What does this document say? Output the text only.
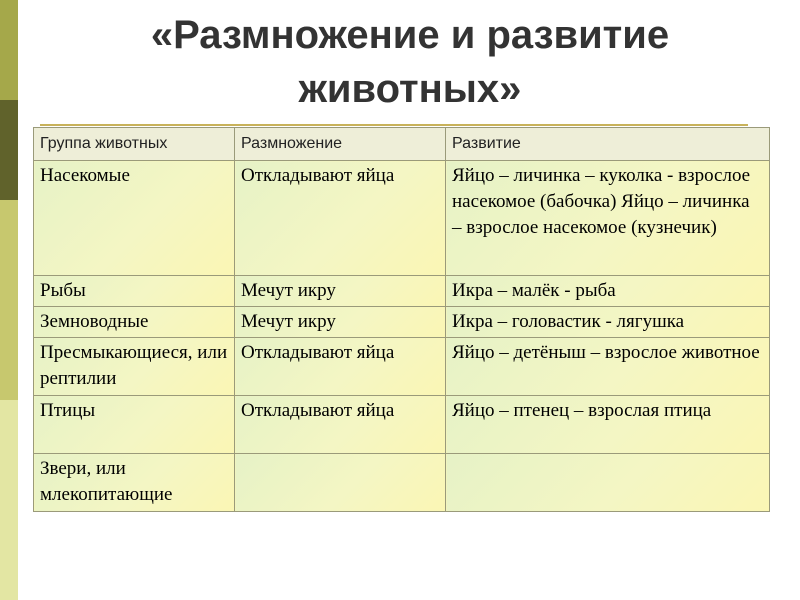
«Размножение и развитие
животных»
Группа животных	Размножение	Развитие
Насекомые	Откладывают яйца	Яйцо – личинка – куколка - взрослое насекомое (бабочка) Яйцо – личинка – взрослое насекомое (кузнечик)
Рыбы	Мечут икру	Икра – малёк - рыба
Земноводные	Мечут икру	Икра – головастик - лягушка
Пресмыкающиеся, или рептилии	Откладывают яйца	Яйцо – детёныш – взрослое животное
Птицы	Откладывают яйца	Яйцо – птенец – взрослая птица
Звери, или млекопитающие		
